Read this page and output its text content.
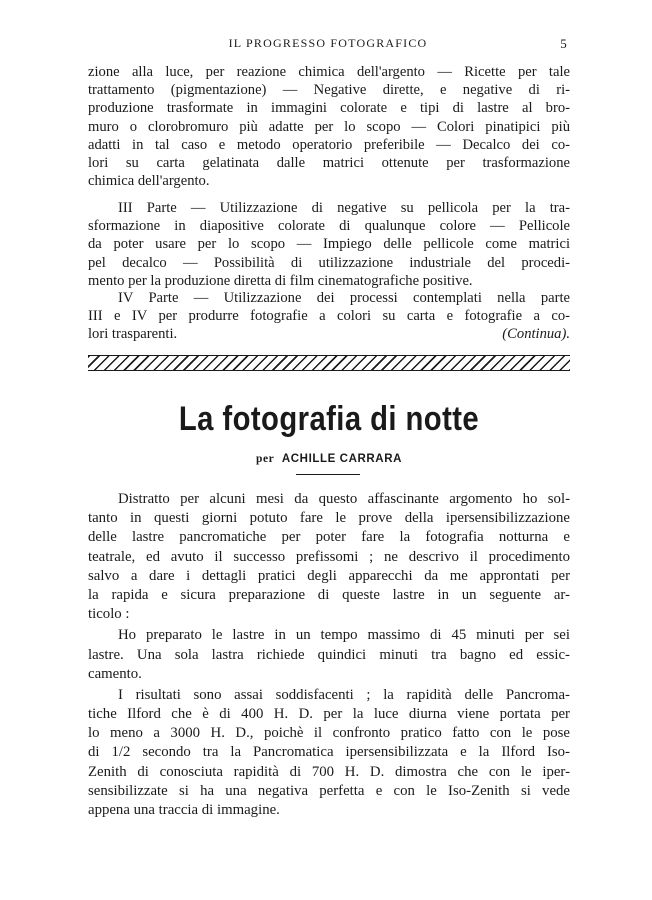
IL PROGRESSO FOTOGRAFICO	5
zione alla luce, per reazione chimica dell'argento — Ricette per tale
trattamento (pigmentazione) — Negative dirette, e negative di ri-
produzione trasformate in immagini colorate e tipi di lastre al bro-
muro o clorobromuro più adatte per lo scopo — Colori pinatipici più
adatti in tal caso e metodo operatorio preferibile — Decalco dei co-
lori su carta gelatinata dalle matrici ottenute per trasformazione
chimica dell'argento.
III Parte — Utilizzazione di negative su pellicola per la tra-
sformazione in diapositive colorate di qualunque colore — Pellicole
da poter usare per lo scopo — Impiego delle pellicole come matrici
pel decalco — Possibilità di utilizzazione industriale del procedi-
mento per la produzione diretta di film cinematografiche positive.
IV Parte — Utilizzazione dei processi contemplati nella parte
III e IV per produrre fotografie a colori su carta e fotografie a co-
lori trasparenti.	(Continua).
La fotografia di notte
per ACHILLE CARRARA
Distratto per alcuni mesi da questo affascinante argomento ho sol-
tanto in questi giorni potuto fare le prove della ipersensibilizzazione
delle lastre pancromatiche per poter fare la fotografia notturna e
teatrale, ed avuto il successo prefissomi ; ne descrivo il procedimento
salvo a dare i dettagli pratici degli apparecchi da me approntati per
la rapida e sicura preparazione di queste lastre in un seguente ar-
ticolo :
Ho preparato le lastre in un tempo massimo di 45 minuti per sei
lastre. Una sola lastra richiede quindici minuti tra bagno ed essic-
camento.
I risultati sono assai soddisfacenti ; la rapidità delle Pancroma-
tiche Ilford che è di 400 H. D. per la luce diurna viene portata per
lo meno a 3000 H. D., poichè il confronto pratico fatto con le pose
di 1/2 secondo tra la Pancromatica ipersensibilizzata e la Ilford Iso-
Zenith di conosciuta rapidità di 700 H. D. dimostra che con le iper-
sensibilizzate si ha una negativa perfetta e con le Iso-Zenith si vede
appena una traccia di immagine.
